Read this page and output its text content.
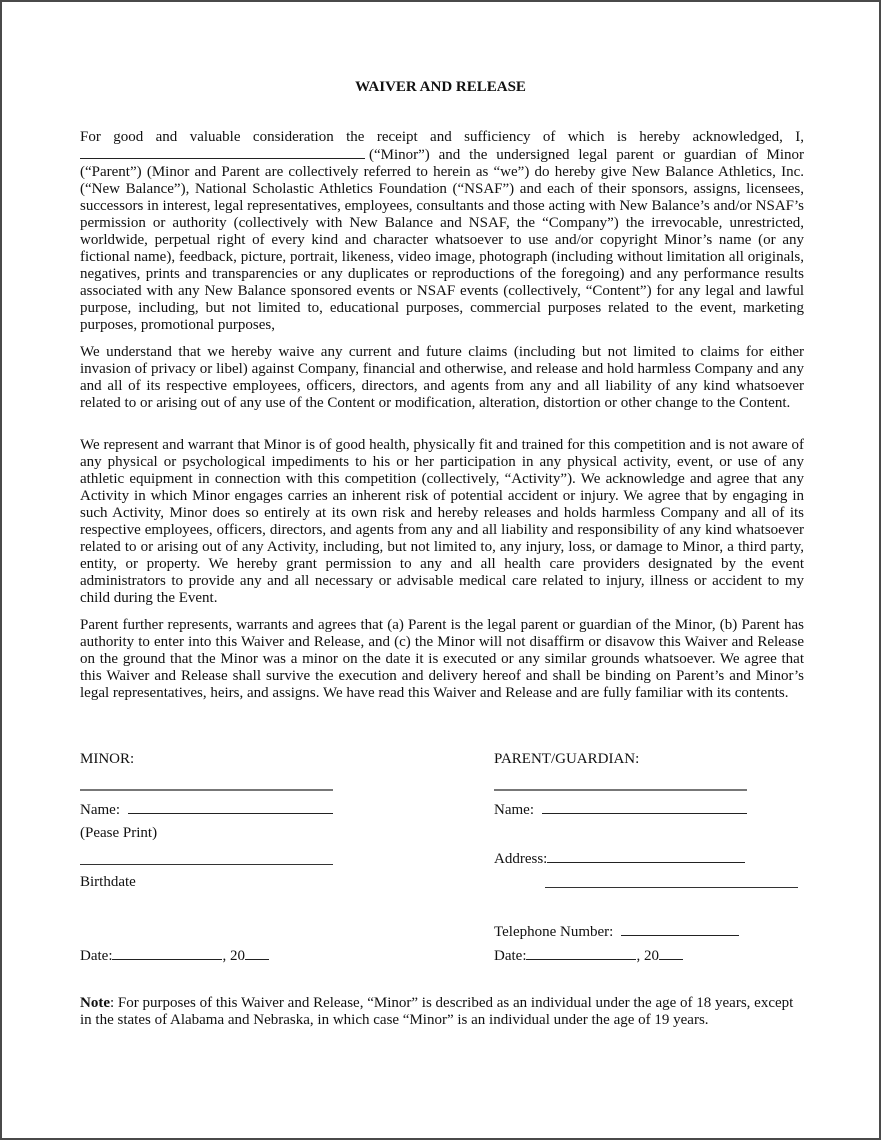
WAIVER AND RELEASE

For good and valuable consideration the receipt and sufficiency of which is hereby acknowledged, I, (“Minor”) and the undersigned legal parent or guardian of Minor (“Parent”) (Minor and Parent are collectively referred to herein as “we”) do hereby give New Balance Athletics, Inc. (“New Balance”), National Scholastic Athletics Foundation (“NSAF”) and each of their sponsors, assigns, licensees, successors in interest, legal representatives, employees, consultants and those acting with New Balance’s and/or NSAF’s permission or authority (collectively with New Balance and NSAF, the “Company”) the irrevocable, unrestricted, worldwide, perpetual right of every kind and character whatsoever to use and/or copyright Minor’s name (or any fictional name), feedback, picture, portrait, likeness, video image, photograph (including without limitation all originals, negatives, prints and transparencies or any duplicates or reproductions of the foregoing) and any performance results associated with any New Balance sponsored events or NSAF events (collectively, “Content”) for any legal and lawful purpose, including, but not limited to, educational purposes, commercial purposes related to the event, marketing purposes, promotional purposes,

We understand that we hereby waive any current and future claims (including but not limited to claims for either invasion of privacy or libel) against Company, financial and otherwise, and release and hold harmless Company and any and all of its respective employees, officers, directors, and agents from any and all liability of any kind whatsoever related to or arising out of any use of the Content or modification, alteration, distortion or other change to the Content.

We represent and warrant that Minor is of good health, physically fit and trained for this competition and is not aware of any physical or psychological impediments to his or her participation in any physical activity, event, or use of any athletic equipment in connection with this competition (collectively, “Activity”). We acknowledge and agree that any Activity in which Minor engages carries an inherent risk of potential accident or injury. We agree that by engaging in such Activity, Minor does so entirely at its own risk and hereby releases and holds harmless Company and all of its respective employees, officers, directors, and agents from any and all liability and responsibility of any kind whatsoever related to or arising out of any Activity, including, but not limited to, any injury, loss, or damage to Minor, a third party, entity, or property. We hereby grant permission to any and all health care providers designated by the event administrators to provide any and all necessary or advisable medical care related to injury, illness or accident to my child during the Event.

Parent further represents, warrants and agrees that (a) Parent is the legal parent or guardian of the Minor, (b) Parent has authority to enter into this Waiver and Release, and (c) the Minor will not disaffirm or disavow this Waiver and Release on the ground that the Minor was a minor on the date it is executed or any similar grounds whatsoever. We agree that this Waiver and Release shall survive the execution and delivery hereof and shall be binding on Parent’s and Minor’s legal representatives, heirs, and assigns. We have read this Waiver and Release and are fully familiar with its contents.

MINOR:
Name:
(Pease Print)
Birthdate
Date:	, 20
PARENT/GUARDIAN:
Name:
Address:
Telephone Number:
Date:	, 20
Note: For purposes of this Waiver and Release, “Minor” is described as an individual under the age of 18 years, except in the states of Alabama and Nebraska, in which case “Minor” is an individual under the age of 19 years.
